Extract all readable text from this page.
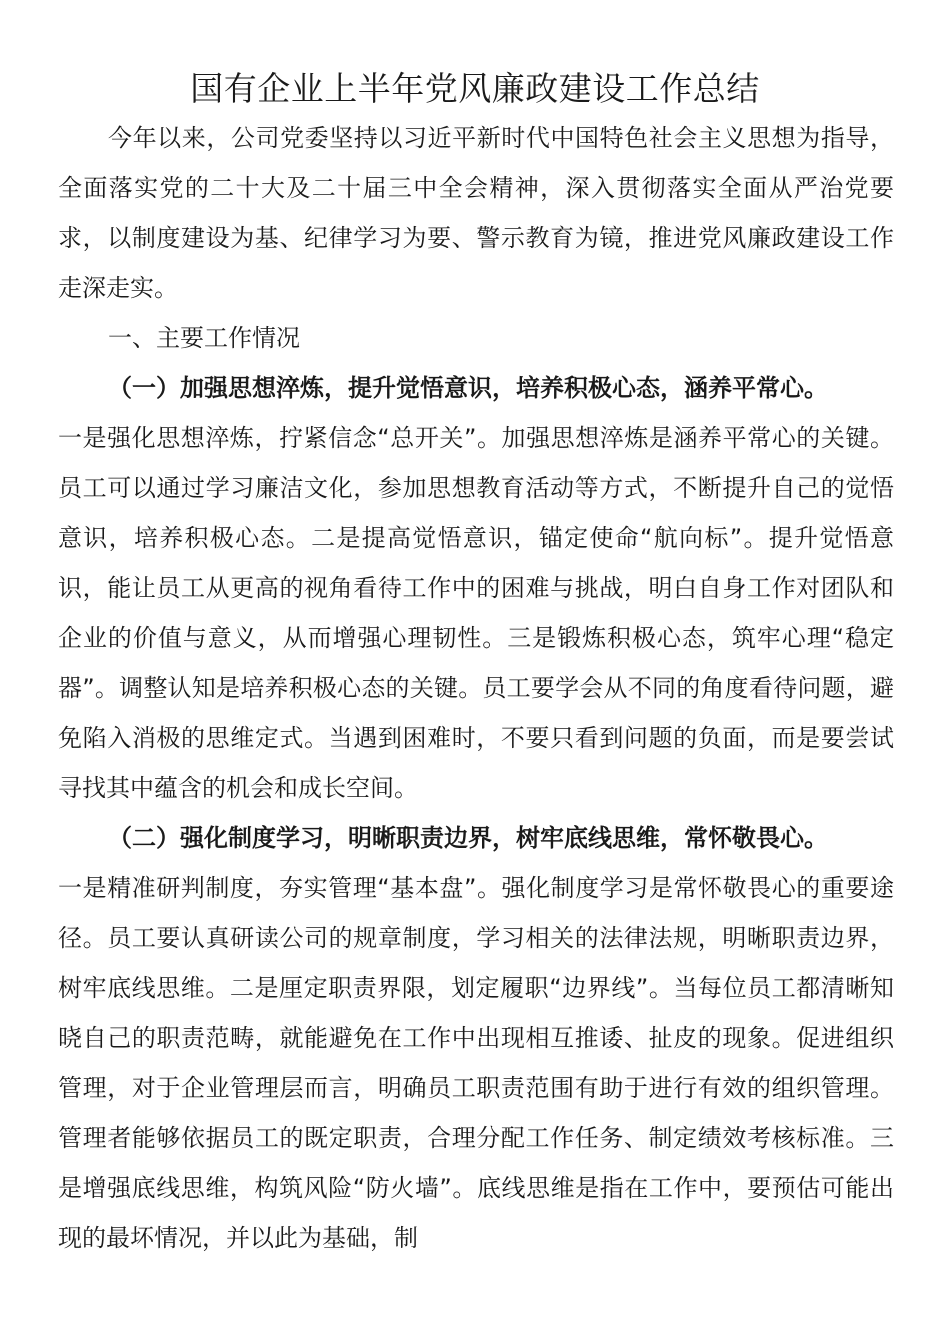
国有企业上半年党风廉政建设工作总结

今年以来，公司党委坚持以习近平新时代中国特色社会主义思想为指导，全面落实党的二十大及二十届三中全会精神，深入贯彻落实全面从严治党要求，以制度建设为基、纪律学习为要、警示教育为镜，推进党风廉政建设工作走深走实。

一、主要工作情况

（一）加强思想淬炼，提升觉悟意识，培养积极心态，涵养平常心。

一是强化思想淬炼，拧紧信念“总开关”。加强思想淬炼是涵养平常心的关键。员工可以通过学习廉洁文化，参加思想教育活动等方式，不断提升自己的觉悟意识，培养积极心态。二是提高觉悟意识，锚定使命“航向标”。提升觉悟意识，能让员工从更高的视角看待工作中的困难与挑战，明白自身工作对团队和企业的价值与意义，从而增强心理韧性。三是锻炼积极心态，筑牢心理“稳定器”。调整认知是培养积极心态的关键。员工要学会从不同的角度看待问题，避免陷入消极的思维定式。当遇到困难时，不要只看到问题的负面，而是要尝试寻找其中蕴含的机会和成长空间。

（二）强化制度学习，明晰职责边界，树牢底线思维，常怀敬畏心。

一是精准研判制度，夯实管理“基本盘”。强化制度学习是常怀敬畏心的重要途径。员工要认真研读公司的规章制度，学习相关的法律法规，明晰职责边界，树牢底线思维。二是厘定职责界限，划定履职“边界线”。当每位员工都清晰知晓自己的职责范畴，就能避免在工作中出现相互推诿、扯皮的现象。促进组织管理，对于企业管理层而言，明确员工职责范围有助于进行有效的组织管理。管理者能够依据员工的既定职责，合理分配工作任务、制定绩效考核标准。三是增强底线思维，构筑风险“防火墙”。底线思维是指在工作中，要预估可能出现的最坏情况，并以此为基础，制
